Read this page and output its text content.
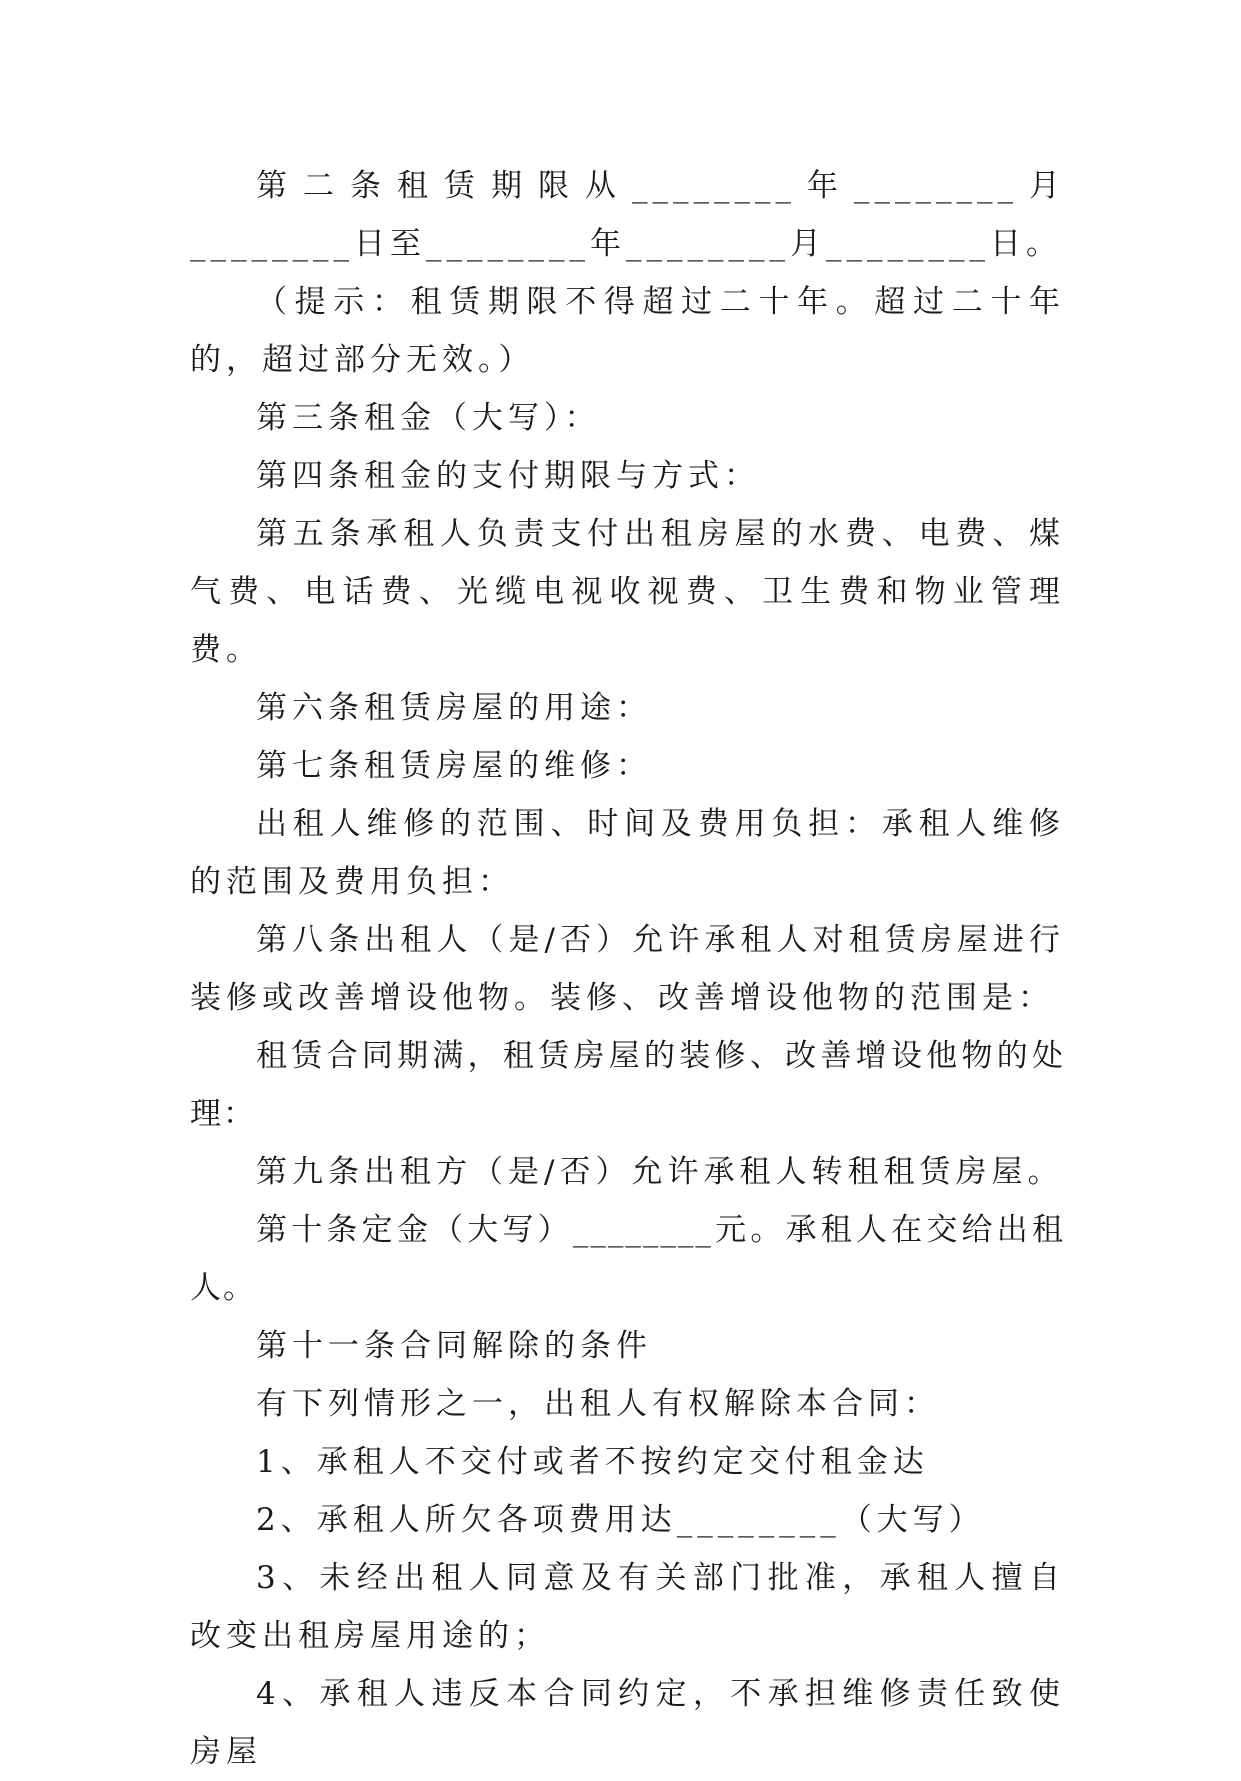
第二条租赁期限从________年________月________日至________年________月________日。

（提示：租赁期限不得超过二十年。超过二十年的，超过部分无效。）

第三条租金（大写）：

第四条租金的支付期限与方式：

第五条承租人负责支付出租房屋的水费、电费、煤气费、电话费、光缆电视收视费、卫生费和物业管理费。

第六条租赁房屋的用途：

第七条租赁房屋的维修：

出租人维修的范围、时间及费用负担：承租人维修的范围及费用负担：

第八条出租人（是/否）允许承租人对租赁房屋进行装修或改善增设他物。装修、改善增设他物的范围是：

租赁合同期满，租赁房屋的装修、改善增设他物的处理：

第九条出租方（是/否）允许承租人转租租赁房屋。

第十条定金（大写）________元。承租人在交给出租人。

第十一条合同解除的条件

有下列情形之一，出租人有权解除本合同：

1、承租人不交付或者不按约定交付租金达

2、承租人所欠各项费用达________（大写）

3、未经出租人同意及有关部门批准，承租人擅自改变出租房屋用途的；

4、承租人违反本合同约定，不承担维修责任致使房屋
